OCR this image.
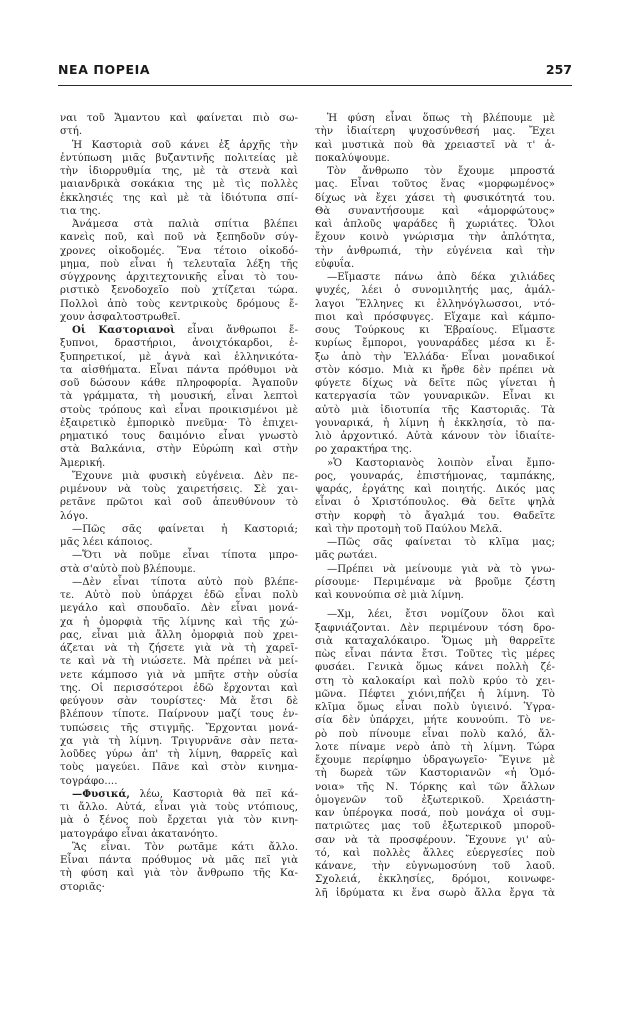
ΝΕΑ ΠΟΡΕΙΑ	257
ναι τοῦ Ἄμαντου καὶ φαίνεται πιὸ σω-
στή.
Ἡ Καστοριὰ σοῦ κάνει ἐξ ἀρχῆς τὴν
ἐντύπωση μιᾶς βυζαντινῆς πολιτείας μὲ
τὴν ἰδιορρυθμία της, μὲ τὰ στενὰ καὶ
μαιανδρικὰ σοκάκια της μὲ τὶς πολλὲς
ἐκκλησιές της καὶ μὲ τὰ ἰδιότυπα σπί-
τια της.
Ἀνάμεσα στὰ παλιὰ σπίτια βλέπει
κανεὶς ποῦ, καὶ ποῦ νὰ ξεπηδοῦν σύγ-
χρονες οἰκοδομές. Ἕνα τέτοιο οἰκοδό-
μημα, ποὺ εἶναι ἡ τελευταῖα λέξη τῆς
σύγχρονης ἀρχιτεχτονικῆς εἶναι τὸ του-
ριστικὸ ξενοδοχεῖο ποὺ χτίζεται τώρα.
Πολλοὶ ἀπὸ τοὺς κεντρικοὺς δρόμους ἔ-
χουν ἀσφαλτοστρωθεῖ.
Οἱ Καστοριανοὶ εἶναι ἄνθρωποι ἔ-
ξυπνοι, δραστήριοι, ἀνοιχτόκαρδοι, ἐ-
ξυπηρετικοί, μὲ ἁγνὰ καὶ ἑλληνικότα-
τα αἰσθήματα. Εἶναι πάντα πρόθυμοι νὰ
σοῦ δώσουν κάθε πληροφορία. Ἀγαποῦν
τὰ γράμματα, τὴ μουσική, εἶναι λεπτοὶ
στοὺς τρόπους καὶ εἶναι προικισμένοι μὲ
ἐξαιρετικὸ ἐμπορικὸ πνεῦμα· Τὸ ἐπιχει-
ρηματικό τους δαιμόνιο εἶναι γνωστὸ
στὰ Βαλκάνια, στὴν Εὐρώπη καὶ στὴν
Ἀμερική.
Ἔχουνε μιὰ φυσικὴ εὐγένεια. Δὲν πε-
ριμένουν νὰ τοὺς χαιρετήσεις. Σὲ χαι-
ρετᾶνε πρῶτοι καὶ σοῦ ἀπευθύνουν τὸ
λόγο.
—Πῶς σᾶς φαίνεται ἡ Καστοριά;
μᾶς λέει κάποιος.
—Ὅτι νὰ ποῦμε εἶναι τίποτα μπρο-
στὰ σ'αὐτὸ ποὺ βλέπουμε.
—Δὲν εἶναι τίποτα αὐτὸ ποὺ βλέπε-
τε. Αὐτὸ ποὺ ὑπάρχει ἐδῶ εἶναι πολὺ
μεγάλο καὶ σπουδαῖο. Δὲν εἶναι μονά-
χα ἡ ὀμορφιὰ τῆς λίμνης καὶ τῆς χώ-
ρας, εἶναι μιὰ ἄλλη ὀμορφιὰ ποὺ χρει-
άζεται νὰ τὴ ζήσετε γιὰ νὰ τὴ χαρεῖ-
τε καὶ νὰ τὴ νιώσετε. Μὰ πρέπει νὰ μεί-
νετε κάμποσο γιὰ νὰ μπῆτε στὴν οὐσία
της. Οἱ περισσότεροι ἐδῶ ἔρχονται καὶ
φεύγουν σὰν τουρίστες· Μὰ ἔτσι δὲ
βλέπουν τίποτε. Παίρνουν μαζί τους ἐν-
τυπώσεις τῆς στιγμῆς. Ἔρχονται μονά-
χα γιὰ τὴ λίμνη. Τριγυρνᾶνε σὰν πετα-
λοῦδες γύρω ἀπ' τὴ λίμνη, θαρρεῖς καὶ
τοὺς μαγεύει. Πᾶνε καὶ στὸν κινημα-
τογράφο....
—Φυσικά, λέω, Καστοριὰ θὰ πεῖ κά-
τι ἄλλο. Αὐτά, εἶναι γιὰ τοὺς ντόπιους,
μὰ ὁ ξένος ποὺ ἔρχεται γιὰ τὸν κινη-
ματογράφο εἶναι ἀκατανόητο.
Ἂς εἶναι. Τὸν ρωτᾶμε κάτι ἄλλο.
Εἶναι πάντα πρόθυμος νὰ μᾶς πεῖ γιὰ
τὴ φύση καὶ γιὰ τὸν ἄνθρωπο τῆς Κα-
στοριᾶς·
Ἡ φύση εἶναι ὅπως τὴ βλέπουμε μὲ
τὴν ἰδιαίτερη ψυχοσύνθεσή μας. Ἔχει
καὶ μυστικὰ ποὺ θὰ χρειαστεῖ νὰ τ' ἀ-
ποκαλύψουμε.
Τὸν ἄνθρωπο τὸν ἔχουμε μπροστά
μας. Εἶναι τοῦτος ἕνας «μορφωμένος»
δίχως νὰ ἔχει χάσει τὴ φυσικότητά του.
Θὰ συναντήσουμε καὶ «ἀμορφώτους»
καὶ ἁπλοῦς ψαράδες ἢ χωριάτες. Ὅλοι
ἔχουν κοινὸ γνώρισμα τὴν ἁπλότητα,
τὴν ἀνθρωπιά, τὴν εὐγένεια καὶ τὴν
εὐφυΐα.
—Εἴμαστε πάνω ἀπὸ δέκα χιλιάδες
ψυχές, λέει ὁ συνομιλητής μας, ἀμάλ-
λαγοι Ἕλληνες κι ἑλληνόγλωσσοι, ντό-
πιοι καὶ πρόσφυγες. Εἴχαμε καὶ κάμπο-
σους Τούρκους κι Ἑβραίους. Εἴμαστε
κυρίως ἔμποροι, γουναράδες μέσα κι ἔ-
ξω ἀπὸ τὴν Ἑλλάδα· Εἶναι μοναδικοί
στὸν κόσμο. Μιὰ κι ἤρθε δὲν πρέπει νὰ
φύγετε δίχως νὰ δεῖτε πῶς γίνεται ἡ
κατεργασία τῶν γουναρικῶν. Εἶναι κι
αὐτὸ μιὰ ἰδιοτυπία τῆς Καστοριᾶς. Τὰ
γουναρικά, ἡ λίμνη ἡ ἐκκλησία, τὸ πα-
λιὸ ἀρχοντικό. Αὐτὰ κάνουν τὸν ἰδιαίτε-
ρο χαρακτήρα της.
»Ὁ Καστοριανὸς λοιπὸν εἶναι ἔμπο-
ρος, γουναράς, ἐπιστήμονας, ταμπάκης,
ψαράς, ἐργάτης καὶ ποιητής. Δικός μας
εἶναι ὁ Χριστόπουλος. Θὰ δεῖτε ψηλὰ
στὴν κορφὴ τὸ ἄγαλμά του. Θαδεῖτε
καὶ τὴν προτομὴ τοῦ Παύλου Μελᾶ.
—Πῶς σᾶς φαίνεται τὸ κλῖμα μας;
μᾶς ρωτάει.
—Πρέπει νὰ μείνουμε γιὰ νὰ τὸ γνω-
ρίσουμε· Περιμέναμε νὰ βροῦμε ζέστη
καὶ κουνούπια σὲ μιὰ λίμνη.
—Χμ, λέει, ἔτσι νομίζουν ὅλοι καὶ
ξαφνιάζονται. Δὲν περιμένουν τόση δρο-
σιὰ καταχαλόκαιρο. Ὅμως μὴ θαρρεῖτε
πὼς εἶναι πάντα ἔτσι. Τοῦτες τὶς μέρες
φυσάει. Γενικὰ ὅμως κάνει πολλὴ ζέ-
στη τὸ καλοκαίρι καὶ πολὺ κρύο τὸ χει-
μῶνα. Πέφτει χιόνι,πήζει ἡ λίμνη. Τὸ
κλῖμα ὅμως εἶναι πολὺ ὑγιεινό. Ὑγρα-
σία δὲν ὑπάρχει, μήτε κουνούπι. Τὸ νε-
ρὸ ποὺ πίνουμε εἶναι πολὺ καλό, ἄλ-
λοτε πίναμε νερὸ ἀπὸ τὴ λίμνη. Τώρα
ἔχουμε περίφημο ὑδραγωγεῖο· Ἔγινε μὲ
τὴ δωρεὰ τῶν Καστοριανῶν «ἡ Ὁμό-
νοια» τῆς Ν. Τόρκης καὶ τῶν ἄλλων
ὁμογενῶν τοῦ ἐξωτερικοῦ. Χρειάστη-
καν ὑπέρογκα ποσά, ποὺ μονάχα οἱ συμ-
πατριῶτες μας τοῦ ἐξωτερικοῦ μποροῦ-
σαν νὰ τὰ προσφέρουν. Ἔχουνε γι' αὐ-
τό, καὶ πολλὲς ἄλλες εὐεργεσίες ποὺ
κάνανε, τὴν εὐγνωμοσύνη τοῦ λαοῦ.
Σχολειά, ἐκκλησίες, δρόμοι, κοινωφε-
λῆ ἱδρύματα κι ἕνα σωρὸ ἄλλα ἔργα τὰ
